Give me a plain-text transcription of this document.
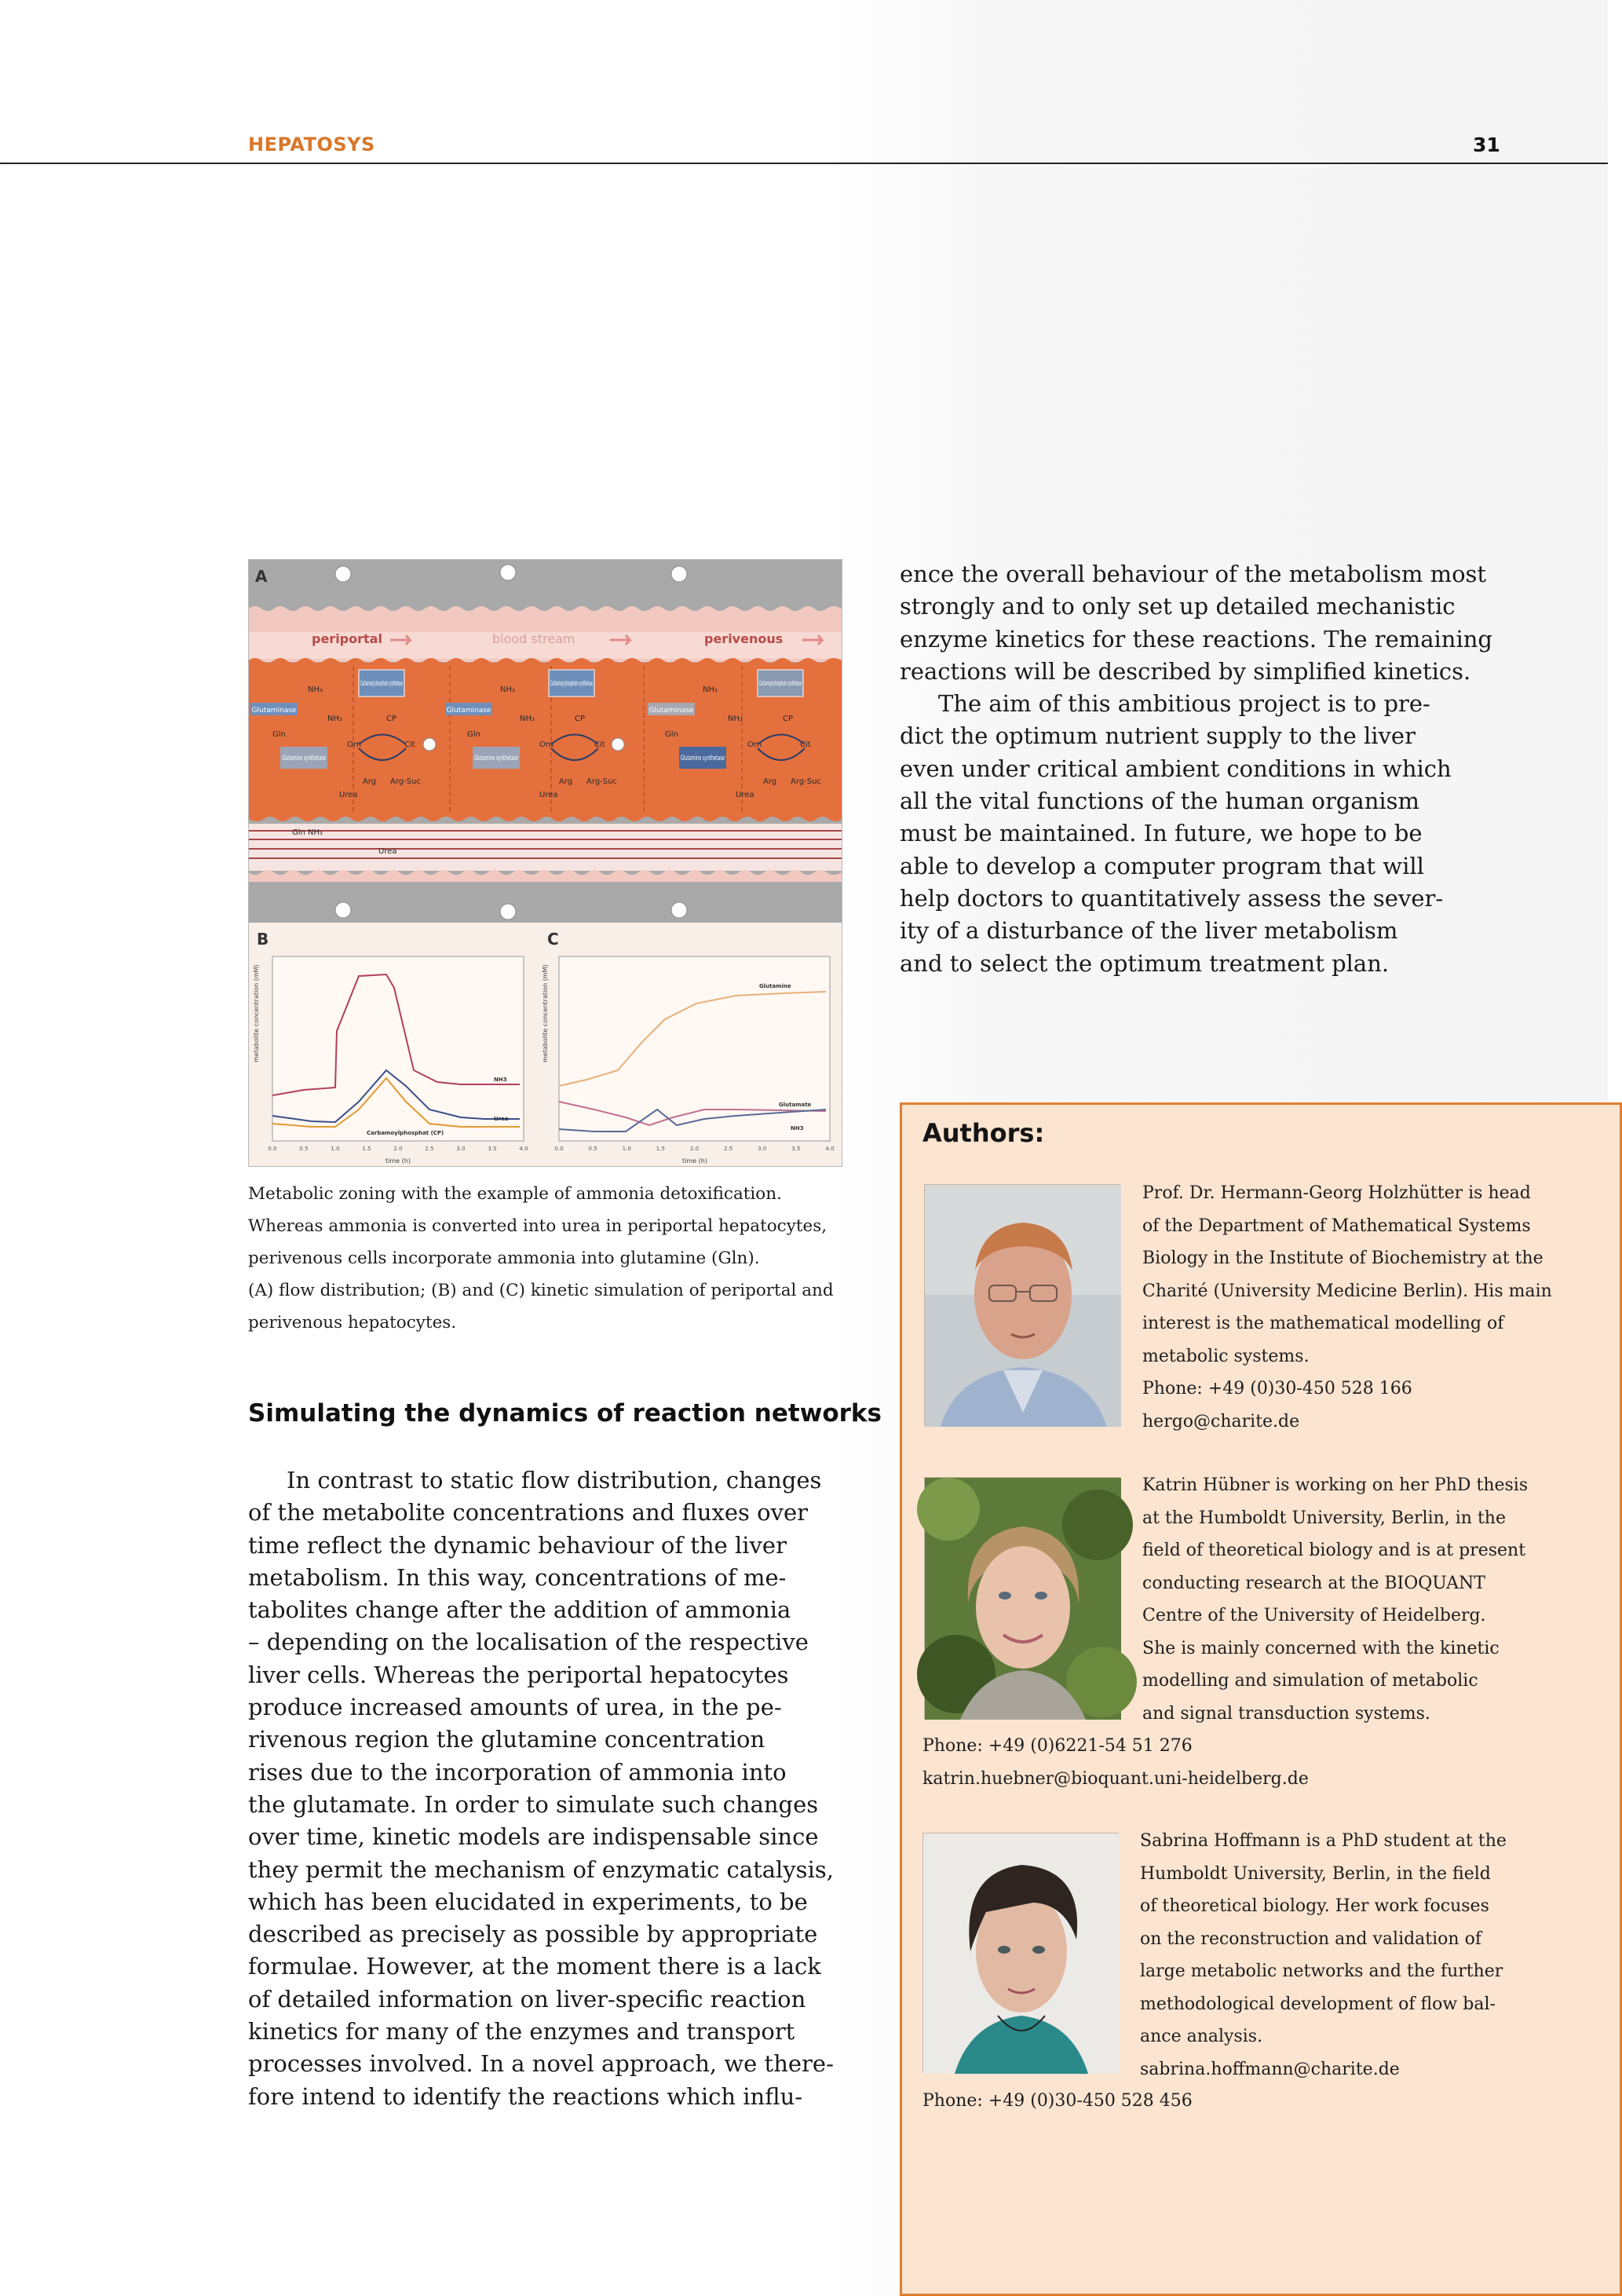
HEPATOSYS	31
A
periportal	blood stream	perivenous
Carbamoyl phosphate synthetase	Carbamoyl phosphate synthetase	Carbamoyl phosphate synthetase
Glutaminase	Glutaminase	Glutaminase
Glutamine synthetase	Glutamine synthetase	Glutamine synthetase
NH₃	NH₃	NH₃
NH₃	NH₃	NH₃
Gln	Gln	Gln
CP	CP	CP
Orn	Orn	Orn
Cit	Cit	Cit
Arg	Arg	Arg
Arg-Suc	Arg-Suc	Arg-Suc
Urea	Urea	Urea
Gln NH₃
Urea
B	C
metabolite concentration (mM)
time (h)
0.0	0.5	1.0	1.5	2.0	2.5	3.0	3.5	4.0
NH3
Urea
Carbamoylphosphat (CP)
metabolite concentration (mM)
time (h)
0.0	0.5	1.0	1.5	2.0	2.5	3.0	3.5	4.0
Glutamine
Glutamate
NH3

Metabolic zoning with the example of ammonia detoxification.

Whereas ammonia is converted into urea in periportal hepatocytes,

perivenous cells incorporate ammonia into glutamine (Gln).

(A) flow distribution; (B) and (C) kinetic simulation of periportal and

perivenous hepatocytes.

Simulating the dynamics of reaction networks

In contrast to static flow distribution, changes

of the metabolite concentrations and fluxes over

time reflect the dynamic behaviour of the liver

metabolism. In this way, concentrations of me-

tabolites change after the addition of ammonia

– depending on the localisation of the respective

liver cells. Whereas the periportal hepatocytes

produce increased amounts of urea, in the pe-

rivenous region the glutamine concentration

rises due to the incorporation of ammonia into

the glutamate. In order to simulate such changes

over time, kinetic models are indispensable since

they permit the mechanism of enzymatic catalysis,

which has been elucidated in experiments, to be

described as precisely as possible by appropriate

formulae. However, at the moment there is a lack

of detailed information on liver-specific reaction

kinetics for many of the enzymes and transport

processes involved. In a novel approach, we there-

fore intend to identify the reactions which influ-

ence the overall behaviour of the metabolism most

strongly and to only set up detailed mechanistic

enzyme kinetics for these reactions. The remaining

reactions will be described by simplified kinetics.

The aim of this ambitious project is to pre-

dict the optimum nutrient supply to the liver

even under critical ambient conditions in which

all the vital functions of the human organism

must be maintained. In future, we hope to be

able to develop a computer program that will

help doctors to quantitatively assess the sever-

ity of a disturbance of the liver metabolism

and to select the optimum treatment plan.

Authors:

Prof. Dr. Hermann-Georg Holzhütter is head

of the Department of Mathematical Systems

Biology in the Institute of Biochemistry at the

Charité (University Medicine Berlin). His main

interest is the mathematical modelling of

metabolic systems.

Phone: +49 (0)30-450 528 166

hergo@charite.de

Katrin Hübner is working on her PhD thesis

at the Humboldt University, Berlin, in the

field of theoretical biology and is at present

conducting research at the BIOQUANT

Centre of the University of Heidelberg.

She is mainly concerned with the kinetic

modelling and simulation of metabolic

and signal transduction systems.

Phone: +49 (0)6221-54 51 276

katrin.huebner@bioquant.uni-heidelberg.de

Sabrina Hoffmann is a PhD student at the

Humboldt University, Berlin, in the field

of theoretical biology. Her work focuses

on the reconstruction and validation of

large metabolic networks and the further

methodological development of flow bal-

ance analysis.

sabrina.hoffmann@charite.de

Phone: +49 (0)30-450 528 456
